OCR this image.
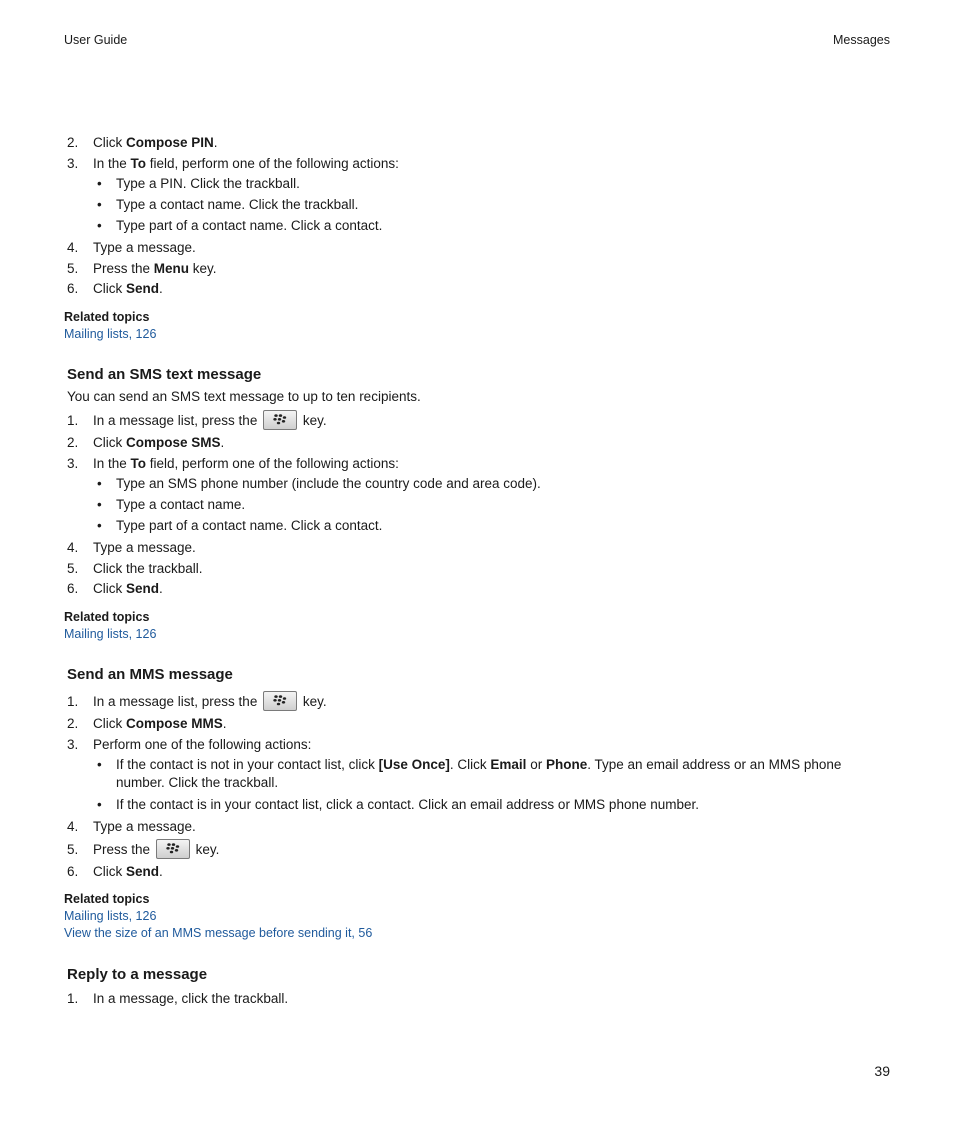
User Guide	Messages
2. Click Compose PIN.
3. In the To field, perform one of the following actions:
• Type a PIN. Click the trackball.
• Type a contact name. Click the trackball.
• Type part of a contact name. Click a contact.
4. Type a message.
5. Press the Menu key.
6. Click Send.
Related topics
Mailing lists, 126
Send an SMS text message
You can send an SMS text message to up to ten recipients.
1. In a message list, press the	key.
2. Click Compose SMS.
3. In the To field, perform one of the following actions:
• Type an SMS phone number (include the country code and area code).
• Type a contact name.
• Type part of a contact name. Click a contact.
4. Type a message.
5. Click the trackball.
6. Click Send.
Related topics
Mailing lists, 126
Send an MMS message
1. In a message list, press the	key.
2. Click Compose MMS.
3. Perform one of the following actions:
• If the contact is not in your contact list, click [Use Once]. Click Email or Phone. Type an email address or an MMS phone number. Click the trackball.
• If the contact is in your contact list, click a contact. Click an email address or MMS phone number.
4. Type a message.
5. Press the	key.
6. Click Send.
Related topics
Mailing lists, 126
View the size of an MMS message before sending it, 56
Reply to a message
1. In a message, click the trackball.
39
